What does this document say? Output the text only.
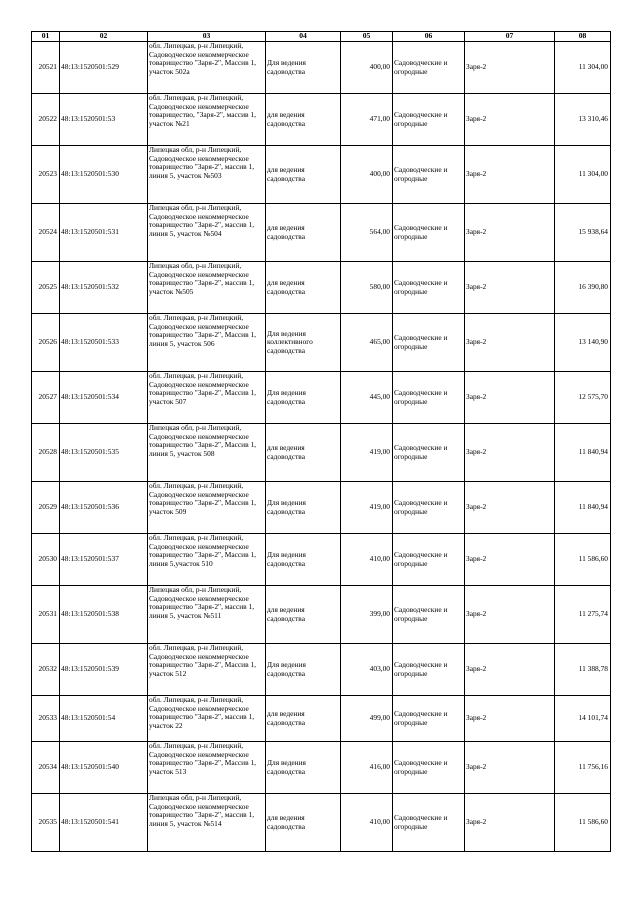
01	02	03	04	05	06	07	08
20521	48:13:1520501:529	обл. Липецкая, р-н Липецкий, Садоводческое некоммерческое товарищество "Заря-2", Массив 1, участок 502а	Для ведения садоводства	400,00	Садоводческие и огородные	Заря-2	11 304,00
20522	48:13:1520501:53	обл. Липецкая, р-н Липецкий, Садоводческое некоммерческое товарищество, "Заря-2", массив 1, участок №21	для ведения садоводства	471,00	Садоводческие и огородные	Заря-2	13 310,46
20523	48:13:1520501:530	Липецкая обл, р-н Липецкий, Садоводческое некоммерческое товарищество "Заря-2", массив 1, линия 5, участок №503	для ведения садоводства	400,00	Садоводческие и огородные	Заря-2	11 304,00
20524	48:13:1520501:531	Липецкая обл, р-н Липецкий, Садоводческое некоммерческое товарищество "Заря-2", массив 1, линия 5, участок №504	для ведения садоводства	564,00	Садоводческие и огородные	Заря-2	15 938,64
20525	48:13:1520501:532	Липецкая обл, р-н Липецкий, Садоводческое некоммерческое товарищество "Заря-2", массив 1, участок №505	для ведения садоводства	580,00	Садоводческие и огородные	Заря-2	16 390,80
20526	48:13:1520501:533	обл. Липецкая, р-н Липецкий, Садоводческое некоммерческое товарищество "Заря-2", Массив 1, линия 5, участок 506	Для ведения коллективного садоводства	465,00	Садоводческие и огородные	Заря-2	13 140,90
20527	48:13:1520501:534	обл. Липецкая, р-н Липецкий, Садоводческое некоммерческое товарищество "Заря-2", Массив 1, участок 507	Для ведения садоводства	445,00	Садоводческие и огородные	Заря-2	12 575,70
20528	48:13:1520501:535	Липецкая обл, р-н Липецкий, Садоводческое некоммерческое товарищество "Заря-2", Массив 1, линия 5, участок 508	для ведения садоводства	419,00	Садоводческие и огородные	Заря-2	11 840,94
20529	48:13:1520501:536	обл. Липецкая, р-н Липецкий, Садоводческое некоммерческое товарищество "Заря-2", Массив 1, участок 509	Для ведения садоводства	419,00	Садоводческие и огородные	Заря-2	11 840,94
20530	48:13:1520501:537	обл. Липецкая, р-н Липецкий, Садоводческое некоммерческое товарищество "Заря-2", Массив 1, линия 5,участок 510	Для ведения садоводства	410,00	Садоводческие и огородные	Заря-2	11 586,60
20531	48:13:1520501:538	Липецкая обл, р-н Липецкий, Садоводческое некоммерческое товарищество "Заря-2", массив 1, линия 5, участок №511	для ведения садоводства	399,00	Садоводческие и огородные	Заря-2	11 275,74
20532	48:13:1520501:539	обл. Липецкая, р-н Липецкий, Садоводческое некоммерческое товарищество "Заря-2", Массив 1, участок 512	Для ведения садоводства	403,00	Садоводческие и огородные	Заря-2	11 388,78
20533	48:13:1520501:54	обл. Липецкая, р-н Липецкий, Садоводческое некоммерческое товарищество "Заря-2", массив 1, участок 22	для ведения садоводства	499,00	Садоводческие и огородные	Заря-2	14 101,74
20534	48:13:1520501:540	обл. Липецкая, р-н Липецкий, Садоводческое некоммерческое товарищество "Заря-2", Массив 1, участок 513	Для ведения садоводства	416,00	Садоводческие и огородные	Заря-2	11 756,16
20535	48:13:1520501:541	Липецкая обл, р-н Липецкий, Садоводческое некоммерческое товарищество "Заря-2", массив 1, линия 5, участок №514	для ведения садоводства	410,00	Садоводческие и огородные	Заря-2	11 586,60
